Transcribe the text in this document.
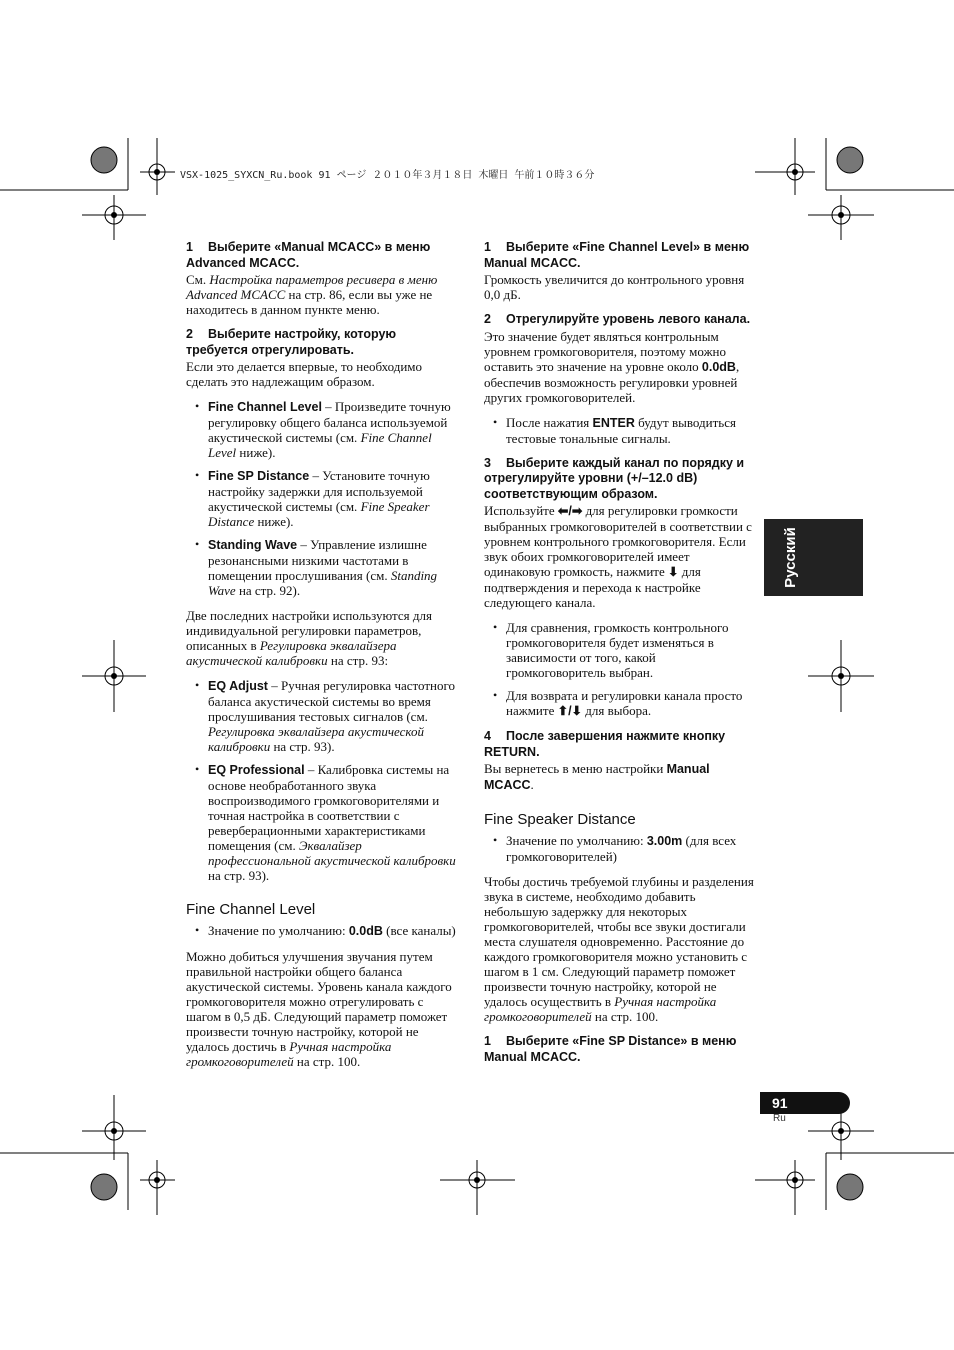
VSX-1025_SYXCN_Ru.book 91 ページ ２０１０年３月１８日 木曜日 午前１０時３６分
1 Выберите «Manual MCACC» в меню Advanced MCACC.

См. Настройка параметров ресивера в меню Advanced MCACC на стр. 86, если вы уже не находитесь в данном пункте меню.

2 Выберите настройку, которую требуется отрегулировать.

Если это делается впервые, то необходимо сделать это надлежащим образом.

• Fine Channel Level – Произведите точную регулировку общего баланса используемой акустической системы (см. Fine Channel Level ниже).
• Fine SP Distance – Установите точную настройку задержки для используемой акустической системы (см. Fine Speaker Distance ниже).
• Standing Wave – Управление излишне резонансными низкими частотами в помещении прослушивания (см. Standing Wave на стр. 92).

Две последних настройки используются для индивидуальной регулировки параметров, описанных в Регулировка эквалайзера акустической калибровки на стр. 93:

• EQ Adjust – Ручная регулировка частотного баланса акустической системы во время прослушивания тестовых сигналов (см. Регулировка эквалайзера акустической калибровки на стр. 93).
• EQ Professional – Калибровка системы на основе необработанного звука воспроизводимого громкоговорителями и точная настройка в соответствии с реверберационными характеристиками помещения (см. Эквалайзер профессиональной акустической калибровки на стр. 93).
Fine Channel Level
• Значение по умолчанию: 0.0dB (все каналы)

Можно добиться улучшения звучания путем правильной настройки общего баланса акустической системы. Уровень канала каждого громкоговорителя можно отрегулировать с шагом в 0,5 дБ. Следующий параметр поможет произвести точную настройку, которой не удалось достичь в Ручная настройка громкоговорителей на стр. 100.

1 Выберите «Fine Channel Level» в меню Manual MCACC.

Громкость увеличится до контрольного уровня 0,0 дБ.

2 Отрегулируйте уровень левого канала.

Это значение будет являться контрольным уровнем громкоговорителя, поэтому можно оставить это значение на уровне около 0.0dB, обеспечив возможность регулировки уровней других громкоговорителей.

• После нажатия ENTER будут выводиться тестовые тональные сигналы.
3 Выберите каждый канал по порядку и отрегулируйте уровни (+/–12.0 dB) соответствующим образом.

Используйте ⬅/➡ для регулировки громкости выбранных громкоговорителей в соответствии с уровнем контрольного громкоговорителя. Если звук обоих громкоговорителей имеет одинаковую громкость, нажмите ⬇ для подтверждения и перехода к настройке следующего канала.

• Для сравнения, громкость контрольного громкоговорителя будет изменяться в зависимости от того, какой громкоговоритель выбран.
• Для возврата и регулировки канала просто нажмите ⬆/⬇ для выбора.
4 После завершения нажмите кнопку RETURN.

Вы вернетесь в меню настройки Manual MCACC.

Fine Speaker Distance
• Значение по умолчанию: 3.00m (для всех громкоговорителей)

Чтобы достичь требуемой глубины и разделения звука в системе, необходимо добавить небольшую задержку для некоторых громкоговорителей, чтобы все звуки достигали места слушателя одновременно. Расстояние до каждого громкоговорителя можно установить с шагом в 1 см. Следующий параметр поможет произвести точную настройку, которой не удалось осуществить в Ручная настройка громкоговорителей на стр. 100.

1 Выберите «Fine SP Distance» в меню Manual MCACC.
Русский
91
Ru
